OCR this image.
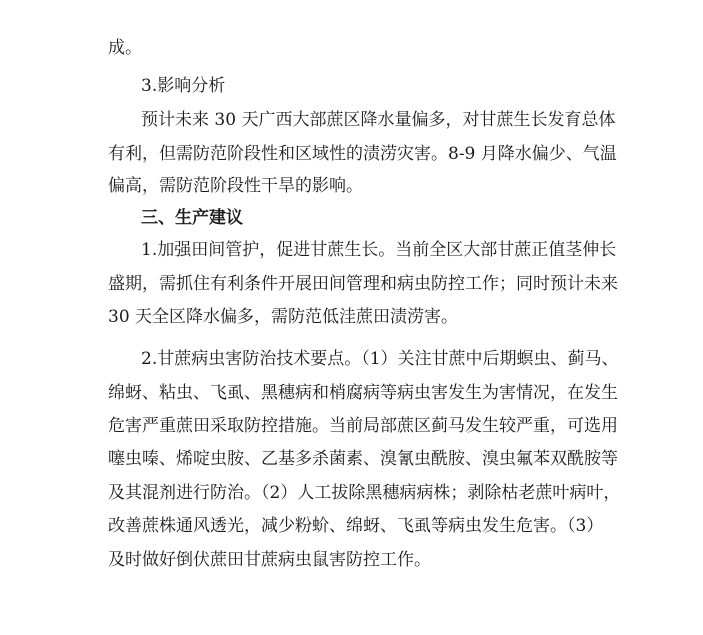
成。
3.影响分析
预计未来 30 天广西大部蔗区降水量偏多，对甘蔗生长发育总体
有利，但需防范阶段性和区域性的渍涝灾害。8-9 月降水偏少、气温
偏高，需防范阶段性干旱的影响。
三、生产建议
1.加强田间管护，促进甘蔗生长。当前全区大部甘蔗正值茎伸长
盛期，需抓住有利条件开展田间管理和病虫防控工作；同时预计未来
30 天全区降水偏多，需防范低洼蔗田渍涝害。
2.甘蔗病虫害防治技术要点。（1）关注甘蔗中后期螟虫、蓟马、
绵蚜、粘虫、飞虱、黑穗病和梢腐病等病虫害发生为害情况，在发生
危害严重蔗田采取防控措施。当前局部蔗区蓟马发生较严重，可选用
噻虫嗪、烯啶虫胺、乙基多杀菌素、溴氰虫酰胺、溴虫氟苯双酰胺等
及其混剂进行防治。（2）人工拔除黑穗病病株；剥除枯老蔗叶病叶，
改善蔗株通风透光，减少粉蚧、绵蚜、飞虱等病虫发生危害。（3）
及时做好倒伏蔗田甘蔗病虫鼠害防控工作。
